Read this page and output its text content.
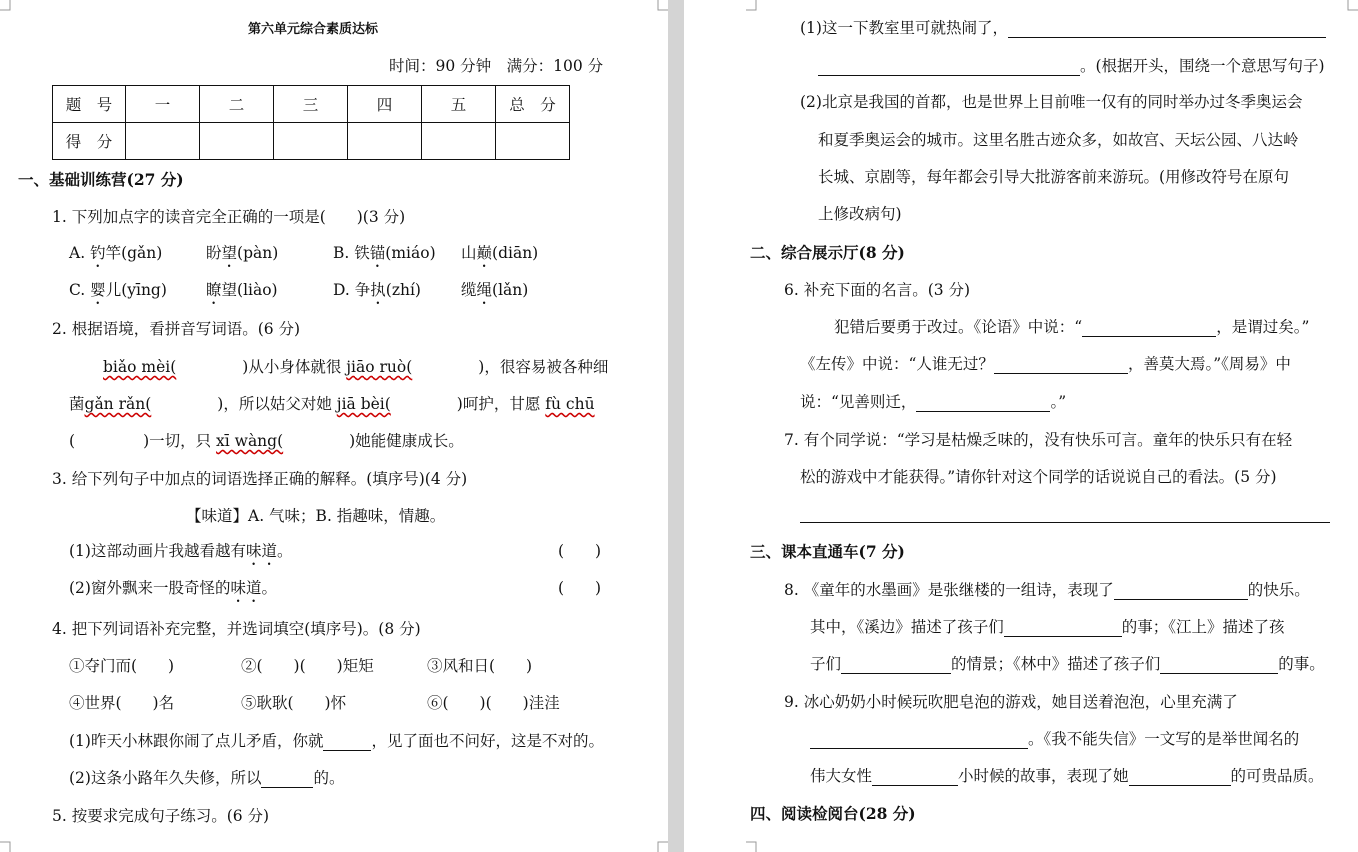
第六单元综合素质达标
时间：90 分钟　满分：100 分
题　号	一	二	三	四	五	总　分
得　分						
一、基础训练营(27 分)
1. 下列加点字的读音完全正确的一项是(　　)(3 分)
A. 钓竿(gǎn)	盼望(pàn)	B. 铁锚(miáo) 山巅(diān)
C. 婴儿(yīng)	瞭望(liào)	D. 争执(zhí)	缆绳(lǎn)
2. 根据语境，看拼音写词语。(6 分)
biǎo mèi(	)从小身体就很 jiāo ruò(	)，很容易被各种细
菌gǎn rǎn(	)，所以姑父对她 jiā bèi(	)呵护，甘愿 fù chū
(	)一切，只 xī wàng(	)她能健康成长。
3. 给下列句子中加点的词语选择正确的解释。(填序号)(4 分)
【味道】A. 气味；B. 指趣味，情趣。
(1)这部动画片我越看越有味道。	(　　)
(2)窗外飘来一股奇怪的味道。	(　　)
4. 把下列词语补充完整，并选词填空(填序号)。(8 分)
①夺门而(　　)	②(　　)(　　)矩矩	③风和日(　　)
④世界(　　)名	⑤耿耿(　　)怀	⑥(　　)(　　)洼洼
(1)昨天小林跟你闹了点儿矛盾，你就	，见了面也不问好，这是不对的。
(2)这条小路年久失修，所以	的。
5. 按要求完成句子练习。(6 分)
(1)这一下教室里可就热闹了，
。(根据开头，围绕一个意思写句子)
(2)北京是我国的首都，也是世界上目前唯一仅有的同时举办过冬季奥运会
和夏季奥运会的城市。这里名胜古迹众多，如故宫、天坛公园、八达岭
长城、京剧等，每年都会引导大批游客前来游玩。(用修改符号在原句
上修改病句)
二、综合展示厅(8 分)
6. 补充下面的名言。(3 分)
犯错后要勇于改过。《论语》中说：“	，是谓过矣。”
《左传》中说：“人谁无过？	，善莫大焉。”《周易》中
说：“见善则迁，	。”
7. 有个同学说：“学习是枯燥乏味的，没有快乐可言。童年的快乐只有在轻
松的游戏中才能获得。”请你针对这个同学的话说说自己的看法。(5 分)
三、课本直通车(7 分)
8. 《童年的水墨画》是张继楼的一组诗，表现了	的快乐。
其中，《溪边》描述了孩子们	的事；《江上》描述了孩
子们	的情景；《林中》描述了孩子们	的事。
9. 冰心奶奶小时候玩吹肥皂泡的游戏，她目送着泡泡，心里充满了
。《我不能失信》一文写的是举世闻名的
伟大女性	小时候的故事，表现了她	的可贵品质。
四、阅读检阅台(28 分)
